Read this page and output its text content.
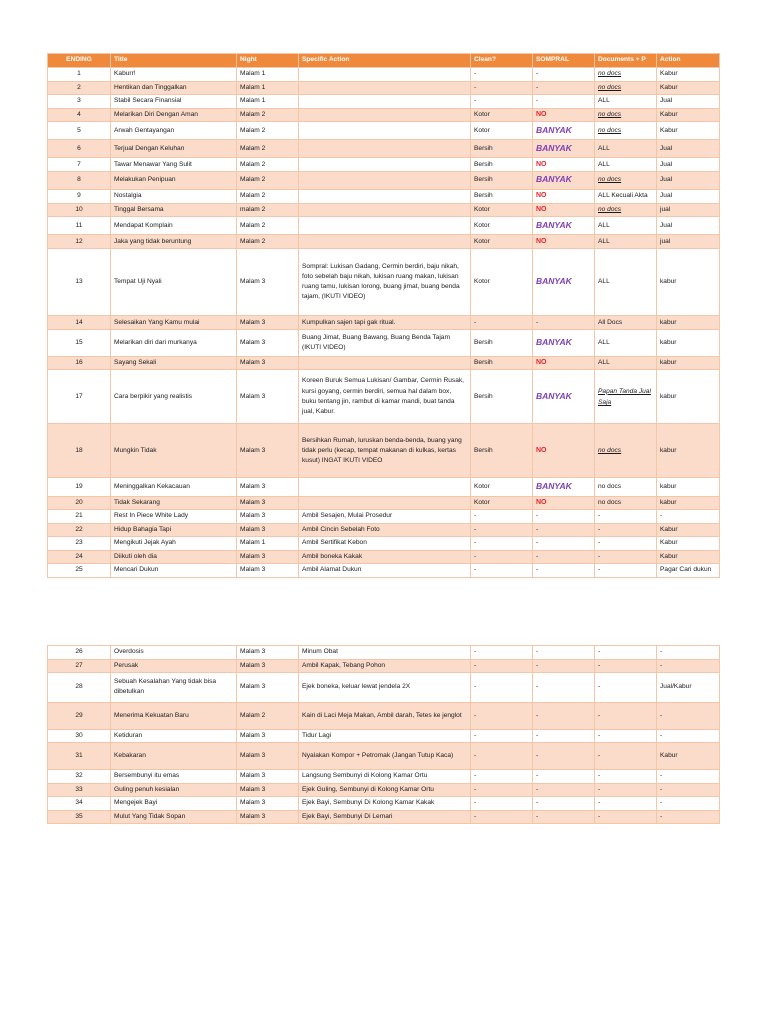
ENDING	Title	Night	Specific Action	Clean?	SOMPRAL	Documents + P	Action
1	Kaburr!	Malam 1		-	-	no docs	Kabur
2	Hentikan dan Tinggalkan	Malam 1		-	-	no docs	Kabur
3	Stabil Secara Finansial	Malam 1		-	-	ALL	Jual
4	Melarikan Diri Dengan Aman	Malam 2		Kotor	NO	no docs	Kabur
5	Arwah Gentayangan	Malam 2		Kotor	BANYAK	no docs	Kabur
6	Terjual Dengan Keluhan	Malam 2		Bersih	BANYAK	ALL	Jual
7	Tawar Menawar Yang Sulit	Malam 2		Bersih	NO	ALL	Jual
8	Melakukan Penipuan	Malam 2		Bersih	BANYAK	no docs	Jual
9	Nostalgia	Malam 2		Bersih	NO	ALL Kecuali Akta	Jual
10	Tinggal Bersama	malam 2		Kotor	NO	no docs	jual
11	Mendapat Komplain	Malam 2		Kotor	BANYAK	ALL	Jual
12	Jaka yang tidak beruntung	Malam 2		Kotor	NO	ALL	jual
13	Tempat Uji Nyali	Malam 3	Sompral: Lukisan Gadang, Cermin berdiri, baju nikah, foto sebelah baju nikah, lukisan ruang makan, lukisan ruang tamu, lukisan lorong, buang jimat, buang benda tajam, (IKUTI VIDEO)	Kotor	BANYAK	ALL	kabur
14	Selesaikan Yang Kamu mulai	Malam 3	Kumpulkan sajen tapi gak ritual.	-	-	All Docs	kabur
15	Melarikan diri dari murkanya	Malam 3	Buang Jimat, Buang Bawang, Buang Benda Tajam (IKUTI VIDEO)	Bersih	BANYAK	ALL	kabur
16	Sayang Sekali	Malam 3		Bersih	NO	ALL	kabur
17	Cara berpikir yang realistis	Malam 3	Koreen Buruk Semua Lukisan/ Gambar, Cermin Rusak, kursi goyang, cermin berdiri, semua hal dalam box, buku tentang jin, rambut di kamar mandi, buat tanda jual, Kabur.	Bersih	BANYAK	Papan Tanda Jual Saja	kabur
18	Mungkin Tidak	Malam 3	Bersihkan Rumah, luruskan benda-benda, buang yang tidak perlu (kecap, tempat makanan di kulkas, kertas kusut) INGAT IKUTI VIDEO	Bersih	NO	no docs	kabur
19	Meninggalkan Kekacauan	Malam 3		Kotor	BANYAK	no docs	kabur
20	Tidak Sekarang	Malam 3		Kotor	NO	no docs	kabur
21	Rest In Piece White Lady	Malam 3	Ambil Sesajen, Mulai Prosedur	-	-	-	-
22	Hidup Bahagia Tapi	Malam 3	Ambil Cincin Sebelah Foto	-	-	-	Kabur
23	Mengikuti Jejak Ayah	Malam 1	Ambil Sertifikat Kebon	-	-	-	Kabur
24	Diikuti oleh dia	Malam 3	Ambil boneka Kakak	-	-	-	Kabur
25	Mencari Dukun	Malam 3	Ambil Alamat Dukun	-	-	-	Pagar Cari dukun
26	Overdosis	Malam 3	Minum Obat	-	-	-	-
27	Perusak	Malam 3	Ambil Kapak, Tebang Pohon	-	-	-	-
28	Sebuah Kesalahan Yang tidak bisa dibetulkan	Malam 3	Ejek boneka, keluar lewat jendela 2X	-	-	-	Jual/Kabur
29	Menerima Kekuatan Baru	Malam 2	Kain di Laci Meja Makan, Ambil darah, Tetes ke jenglot	-	-	-	-
30	Ketiduran	Malam 3	Tidur Lagi	-	-	-	-
31	Kebakaran	Malam 3	Nyalakan Kompor + Petromak (Jangan Tutup Kaca)	-	-	-	Kabur
32	Bersembunyi itu emas	Malam 3	Langsung Sembunyi di Kolong Kamar Ortu	-	-	-	-
33	Guling penuh kesialan	Malam 3	Ejek Guling, Sembunyi di Kolong Kamar Ortu	-	-	-	-
34	Mengejek Bayi	Malam 3	Ejek Bayi, Sembunyi Di Kolong Kamar Kakak	-	-	-	-
35	Mulut Yang Tidak Sopan	Malam 3	Ejek Bayi, Sembunyi Di Lemari	-	-	-	-
